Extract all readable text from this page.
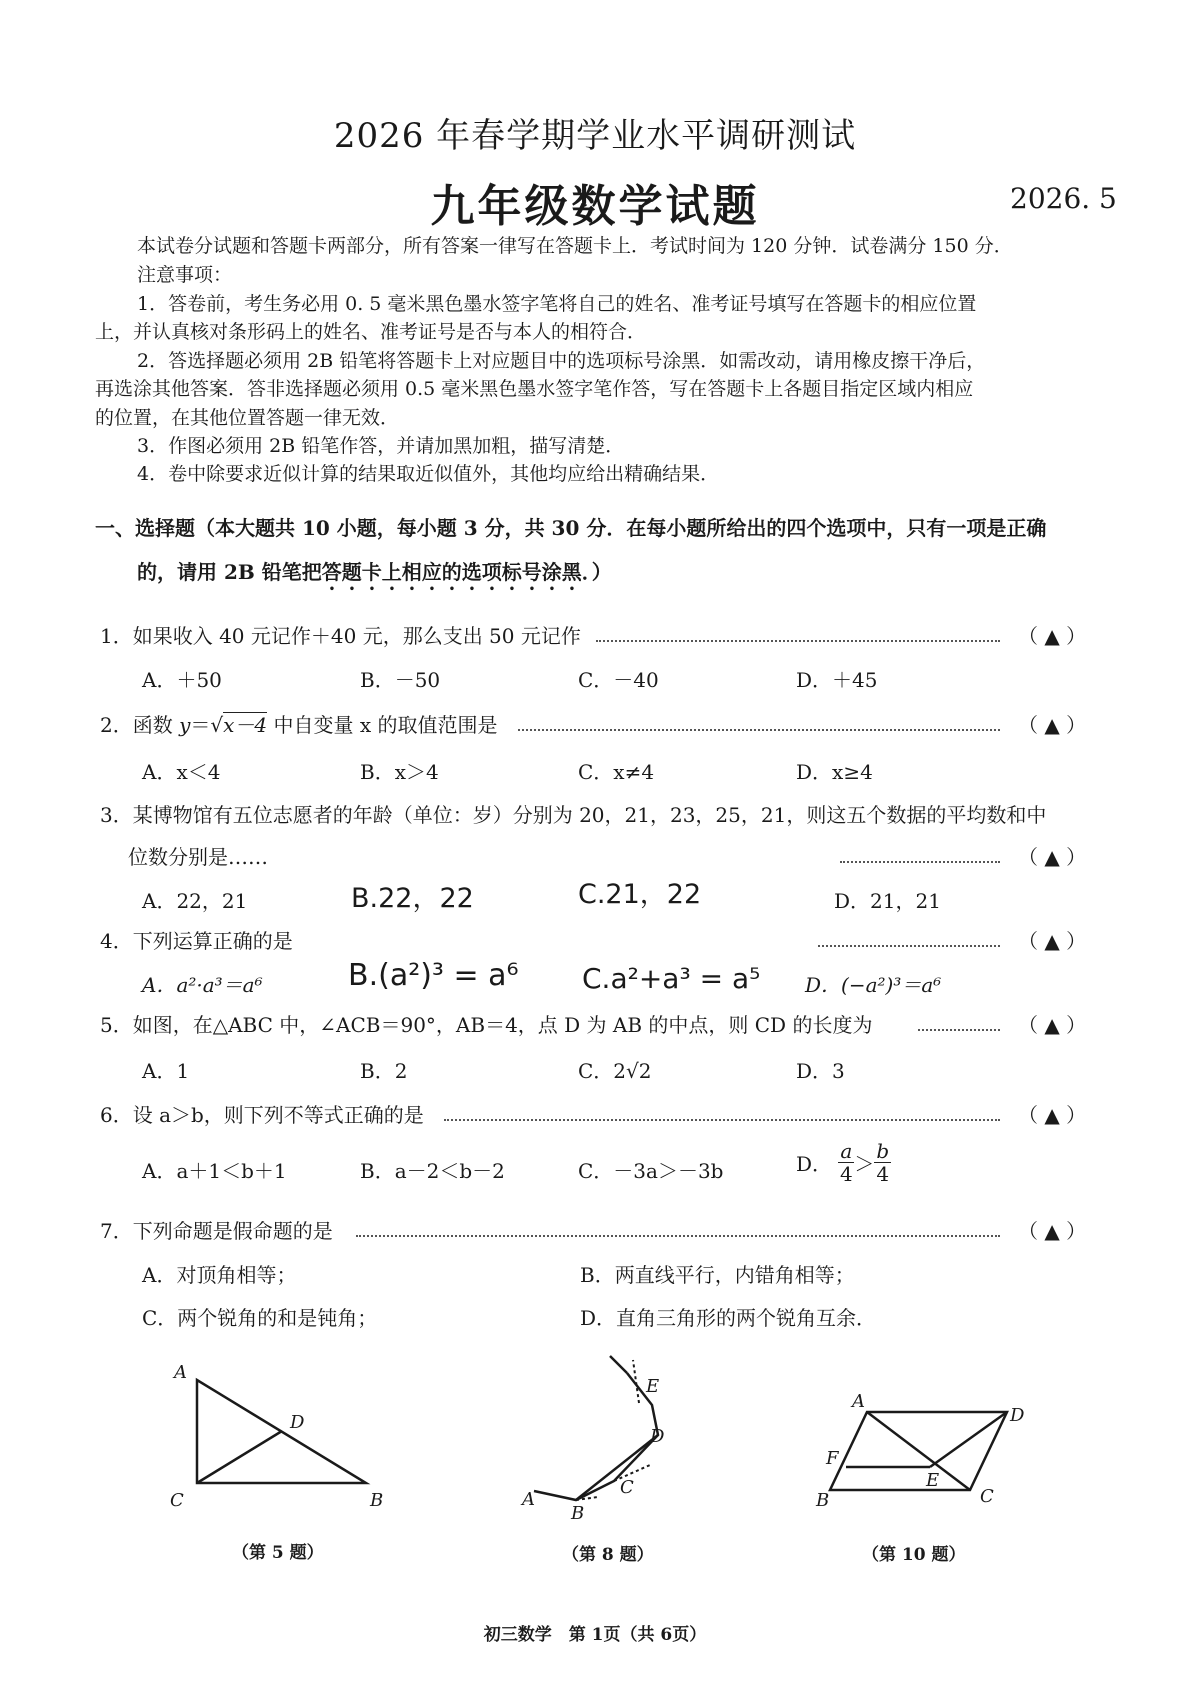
2026 年春学期学业水平调研测试
九年级数学试题	2026. 5
本试卷分试题和答题卡两部分，所有答案一律写在答题卡上．考试时间为 120 分钟．试卷满分 150 分．
注意事项：
1．答卷前，考生务必用 0. 5 毫米黑色墨水签字笔将自己的姓名、准考证号填写在答题卡的相应位置
上，并认真核对条形码上的姓名、准考证号是否与本人的相符合．
2．答选择题必须用 2B 铅笔将答题卡上对应题目中的选项标号涂黑．如需改动，请用橡皮擦干净后，
再选涂其他答案．答非选择题必须用 0.5 毫米黑色墨水签字笔作答，写在答题卡上各题目指定区域内相应
的位置，在其他位置答题一律无效．
3．作图必须用 2B 铅笔作答，并请加黑加粗，描写清楚．
4．卷中除要求近似计算的结果取近似值外，其他均应给出精确结果．
一、选择题（本大题共 10 小题，每小题 3 分，共 30 分．在每小题所给出的四个选项中，只有一项是正确
的，请用 2B 铅笔把答题卡上相应的选项标号涂黑．）
1．如果收入 40 元记作＋40 元，那么支出 50 元记作	（ ▲ ）
A．＋50	B．－50	C．－40	D．＋45
2．函数 y＝√x－4 中自变量 x 的取值范围是	（ ▲ ）
A．x＜4	B．x＞4	C．x≠4	D．x≥4
3．某博物馆有五位志愿者的年龄（单位：岁）分别为 20，21，23，25，21，则这五个数据的平均数和中
位数分别是……	（ ▲ ）
A．22，21	B.22，22	C.21，22	D．21，21
4．下列运算正确的是	（ ▲ ）
A．a²·a³＝a⁶	B.(a²)³ = a⁶ C.a²+a³ = a⁵ D．(−a²)³＝a⁶
5．如图，在△ABC 中，∠ACB＝90°，AB＝4，点 D 为 AB 的中点，则 CD 的长度为	（ ▲ ）
A．1	B．2	C．2√2	D．3
6．设 a＞b，则下列不等式正确的是	（ ▲ ）
A．a＋1＜b＋1	B．a－2＜b－2	C．－3a＞－3b	D． $\frac{a}{4} > \frac{b}{4}$
7．下列命题是假命题的是	（ ▲ ）
A．对顶角相等；	B．两直线平行，内错角相等；
C．两个锐角的和是钝角；	D．直角三角形的两个锐角互余．
A
D
C	B
E
D
C
A
B
A
D
F
E
B	C
（第 5 题）	（第 8 题）	（第 10 题）
初三数学　第 1页（共 6页）
